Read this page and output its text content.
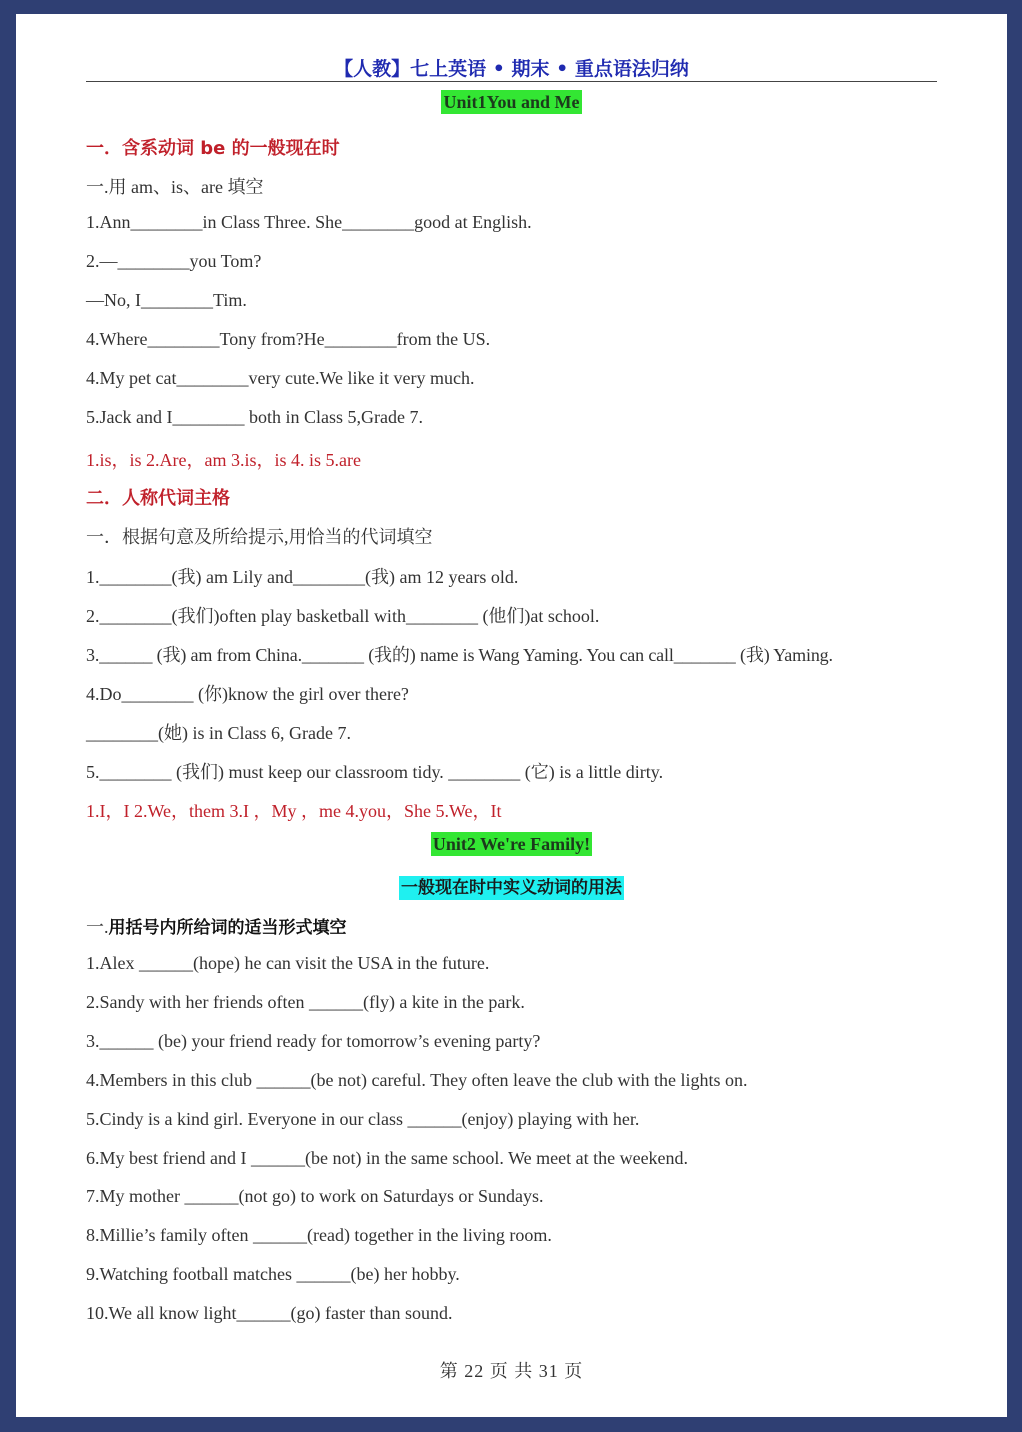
【人教】七上英语 • 期末 • 重点语法归纳
Unit1You and Me
一．含系动词 be 的一般现在时
一.用 am、is、are 填空
1.Ann________in Class Three. She________good at English.
2.—________you Tom?
—No, I________Tim.
4.Where________Tony from?He________from the US.
4.My pet cat________very cute.We like it very much.
5.Jack and I________ both in Class 5,Grade 7.
1.is，is 2.Are，am 3.is，is 4. is 5.are
二．人称代词主格
一．根据句意及所给提示,用恰当的代词填空
1.________(我) am Lily and________(我) am 12 years old.
2.________(我们)often play basketball with________ (他们)at school.
3.______ (我) am from China._______ (我的) name is Wang Yaming. You can call_______ (我) Yaming.
4.Do________ (你)know the girl over there?
________(她) is in Class 6, Grade 7.
5.________ (我们) must keep our classroom tidy. ________ (它) is a little dirty.
1.I，I 2.We，them 3.I ，My ，me 4.you，She 5.We，It
Unit2 We're Family!
一般现在时中实义动词的用法
一.用括号内所给词的适当形式填空
1.Alex ______(hope) he can visit the USA in the future.
2.Sandy with her friends often ______(fly) a kite in the park.
3.______ (be) your friend ready for tomorrow’s evening party?
4.Members in this club ______(be not) careful. They often leave the club with the lights on.
5.Cindy is a kind girl. Everyone in our class ______(enjoy) playing with her.
6.My best friend and I ______(be not) in the same school. We meet at the weekend.
7.My mother ______(not go) to work on Saturdays or Sundays.
8.Millie’s family often ______(read) together in the living room.
9.Watching football matches ______(be) her hobby.
10.We all know light______(go) faster than sound.
第 22 页 共 31 页
